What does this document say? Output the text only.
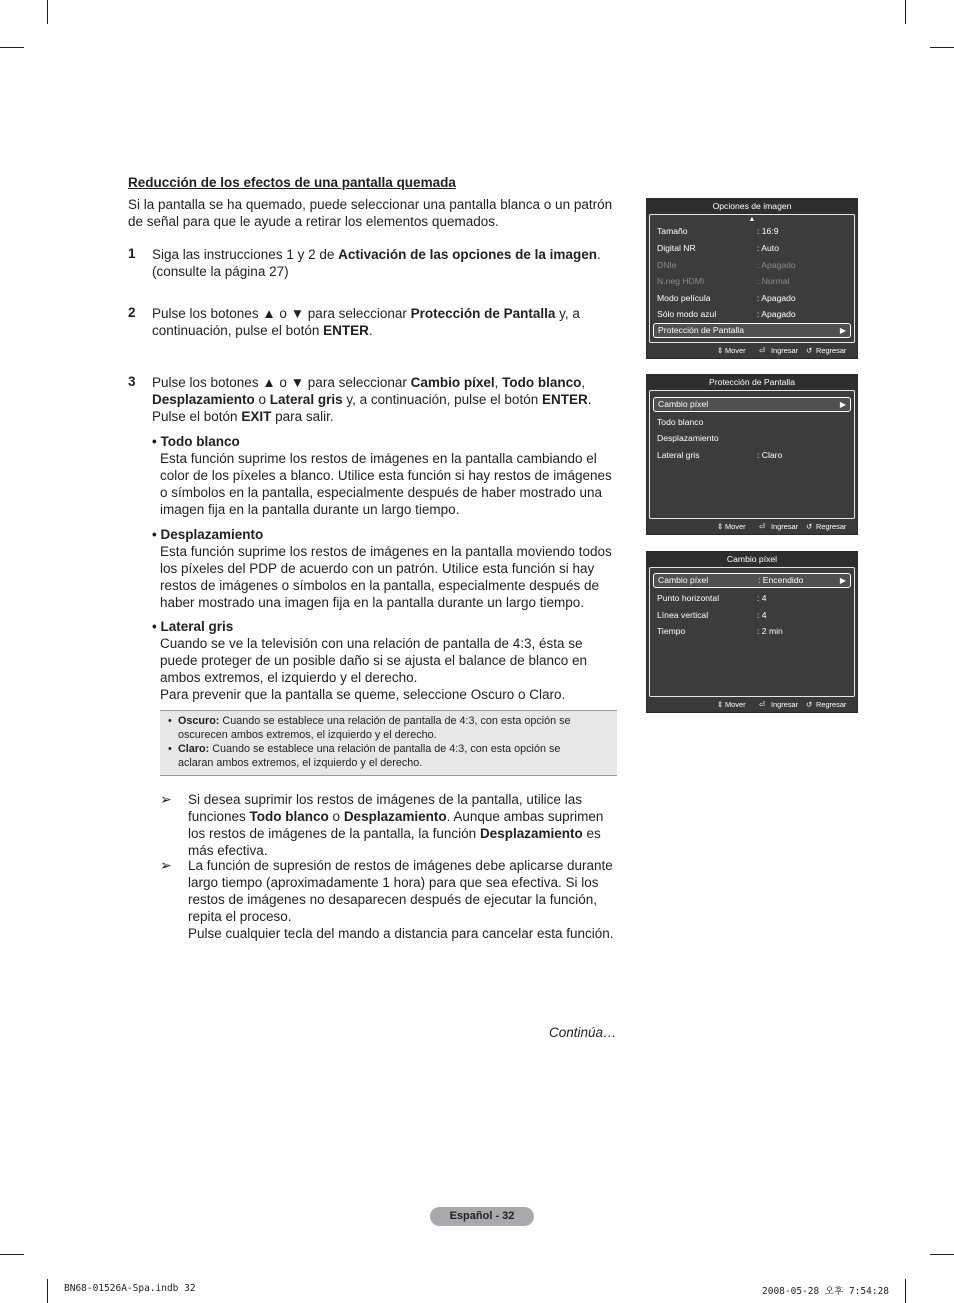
Reducción de los efectos de una pantalla quemada
Si la pantalla se ha quemado, puede seleccionar una pantalla blanca o un patrón
de señal para que le ayude a retirar los elementos quemados.
1 Siga las instrucciones 1 y 2 de Activación de las opciones de la imagen.
(consulte la página 27)
2 Pulse los botones ▲ o ▼ para seleccionar Protección de Pantalla y, a
continuación, pulse el botón ENTER.
3 Pulse los botones ▲ o ▼ para seleccionar Cambio píxel, Todo blanco,
Desplazamiento o Lateral gris y, a continuación, pulse el botón ENTER.
Pulse el botón EXIT para salir.
• Todo blanco
Esta función suprime los restos de imágenes en la pantalla cambiando el
color de los píxeles a blanco. Utilice esta función si hay restos de imágenes
o símbolos en la pantalla, especialmente después de haber mostrado una
imagen fija en la pantalla durante un largo tiempo.
• Desplazamiento
Esta función suprime los restos de imágenes en la pantalla moviendo todos
los píxeles del PDP de acuerdo con un patrón. Utilice esta función si hay
restos de imágenes o símbolos en la pantalla, especialmente después de
haber mostrado una imagen fija en la pantalla durante un largo tiempo.
• Lateral gris
Cuando se ve la televisión con una relación de pantalla de 4:3, ésta se
puede proteger de un posible daño si se ajusta el balance de blanco en
ambos extremos, el izquierdo y el derecho.
Para prevenir que la pantalla se queme, seleccione Oscuro o Claro.
• Oscuro: Cuando se establece una relación de pantalla de 4:3, con esta opción se
oscurecen ambos extremos, el izquierdo y el derecho.
• Claro: Cuando se establece una relación de pantalla de 4:3, con esta opción se
aclaran ambos extremos, el izquierdo y el derecho.
➢ Si desea suprimir los restos de imágenes de la pantalla, utilice las
funciones Todo blanco o Desplazamiento. Aunque ambas suprimen
los restos de imágenes de la pantalla, la función Desplazamiento es
más efectiva.
➢ La función de supresión de restos de imágenes debe aplicarse durante
largo tiempo (aproximadamente 1 hora) para que sea efectiva. Si los
restos de imágenes no desaparecen después de ejecutar la función,
repita el proceso.
Pulse cualquier tecla del mando a distancia para cancelar esta función.
Continúa…
Opciones de imagen
▲
Tamaño	: 16:9
Digital NR	: Auto
DNIe	: Apagado
N.neg HDMI	: Normal
Modo película	: Apagado
Sólo modo azul	: Apagado
Protección de Pantalla	▶
⇕ Mover ⏎ Ingresar ↺ Regresar
Protección de Pantalla
Cambio píxel	▶
Todo blanco
Desplazamiento
Lateral gris	: Claro
⇕ Mover ⏎ Ingresar ↺ Regresar
Cambio píxel
Cambio píxel	: Encendido	▶
Punto horizontal	: 4
Línea vertical	: 4
Tiempo	: 2 min
⇕ Mover ⏎ Ingresar ↺ Regresar
Español - 32
BN68-01526A-Spa.indb 32	2008-05-28 오후 7:54:28
